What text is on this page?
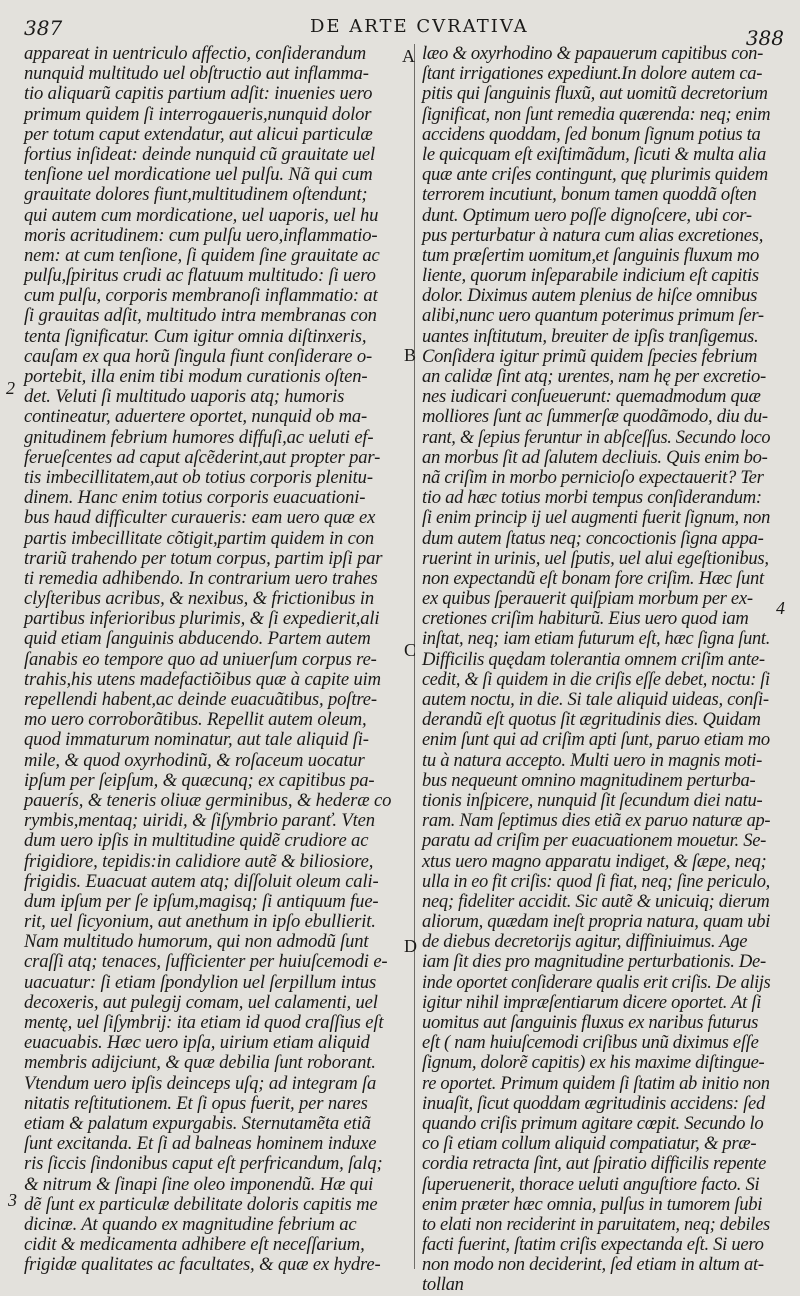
387	DE ARTE CVRATIVA	388
appareat in uentriculo affectio, conſiderandum
nunquid multitudo uel obſtructio aut inflamma-
tio aliquarũ capitis partium adſit: inuenies uero
primum quidem ſi interrogaueris,nunquid dolor
per totum caput extendatur, aut alicui particulæ
fortius inſideat: deinde nunquid cũ grauitate uel
tenſione uel mordicatione uel pulſu. Nã qui cum
grauitate dolores fiunt,multitudinem oſtendunt;
qui autem cum mordicatione, uel uaporis, uel hu
moris acritudinem: cum pulſu uero,inflammatio-
nem: at cum tenſione, ſi quidem ſine grauitate ac
pulſu,ſpiritus crudi ac flatuum multitudo: ſi uero
cum pulſu, corporis membranoſi inflammatio: at
ſi grauitas adſit, multitudo intra membranas con
tenta ſignificatur. Cum igitur omnia diſtinxeris,
cauſam ex qua horũ ſingula fiunt conſiderare o-
portebit, illa enim tibi modum curationis oſten-
det. Veluti ſi multitudo uaporis atq; humoris
contineatur, aduertere oportet, nunquid ob ma-
gnitudinem febrium humores diffuſi,ac ueluti ef-
ferueſcentes ad caput aſcẽderint,aut propter par-
tis imbecillitatem,aut ob totius corporis plenitu-
dinem. Hanc enim totius corporis euacuationi-
bus haud difficulter curaueris: eam uero quæ ex
partis imbecillitate cõtigit,partim quidem in con
trariũ trahendo per totum corpus, partim ipſi par
ti remedia adhibendo. In contrarium uero trahes
clyſteribus acribus, & nexibus, & frictionibus in
partibus inferioribus plurimis, & ſi expedierit,ali
quid etiam ſanguinis abducendo. Partem autem
ſanabis eo tempore quo ad uniuerſum corpus re-
trahis,his utens madefactiõibus quæ à capite uim
repellendi habent,ac deinde euacuãtibus, poſtre-
mo uero corroborãtibus. Repellit autem oleum,
quod immaturum nominatur, aut tale aliquid ſi-
mile, & quod oxyrhodinũ, & roſaceum uocatur
ipſum per ſeipſum, & quæcunq; ex capitibus pa-
pauerís, & teneris oliuæ germinibus, & hederæ co
rymbis,mentaq; uiridi, & ſiſymbrio paranť. Vten
dum uero ipſis in multitudine quidẽ crudiore ac
frigidiore, tepidis:in calidiore autẽ & biliosiore,
frigidis. Euacuat autem atq; diſſoluit oleum cali-
dum ipſum per ſe ipſum,magisq; ſi antiquum fue-
rit, uel ſicyonium, aut anethum in ipſo ebullierit.
Nam multitudo humorum, qui non admodũ ſunt
craſſi atq; tenaces, ſufficienter per huiuſcemodi e-
uacuatur: ſi etiam ſpondylion uel ſerpillum intus
decoxeris, aut pulegij comam, uel calamenti, uel
mentę, uel ſiſymbrij: ita etiam id quod craſſius eſt
euacuabis. Hæc uero ipſa, uirium etiam aliquid
membris adijciunt, & quæ debilia ſunt roborant.
Vtendum uero ipſis deinceps uſq; ad integram ſa
nitatis reſtitutionem. Et ſi opus fuerit, per nares
etiam & palatum expurgabis. Sternutamẽta etiã
ſunt excitanda. Et ſi ad balneas hominem induxe
ris ſiccis ſindonibus caput eſt perfricandum, ſalq;
& nitrum & ſinapi ſine oleo imponendũ. Hæ qui
dẽ ſunt ex particulæ debilitate doloris capitis me
dicinæ. At quando ex magnitudine febrium ac
cidit & medicamenta adhibere eſt neceſſarium,
frigidæ qualitates ac facultates, & quæ ex hydre-
læo & oxyrhodino & papauerum capitibus con-
ſtant irrigationes expediunt.In dolore autem ca-
pitis qui ſanguinis fluxũ, aut uomitũ decretorium
ſignificat, non ſunt remedia quærenda: neq; enim
accidens quoddam, ſed bonum ſignum potius ta
le quicquam eſt exiſtimãdum, ſicuti & multa alia
quæ ante criſes contingunt, quę plurimis quidem
terrorem incutiunt, bonum tamen quoddã oſten
dunt. Optimum uero poſſe dignoſcere, ubi cor-
pus perturbatur à natura cum alias excretiones,
tum præſertim uomitum,et ſanguinis fluxum mo
liente, quorum inſeparabile indicium eſt capitis
dolor. Diximus autem plenius de hiſce omnibus
alibi,nunc uero quantum poterimus primum ſer-
uantes inſtitutum, breuiter de ipſis tranſigemus.
Conſidera igitur primũ quidem ſpecies febrium
an calidæ ſint atq; urentes, nam hę per excretio-
nes iudicari conſueuerunt: quemadmodum quæ
molliores ſunt ac ſummerſæ quodãmodo, diu du-
rant, & ſepius feruntur in abſceſſus. Secundo loco
an morbus ſit ad ſalutem decliuis. Quis enim bo-
nã criſim in morbo pernicioſo expectauerit? Ter
tio ad hæc totius morbi tempus conſiderandum:
ſi enim princip ij uel augmenti fuerit ſignum, non
dum autem ſtatus neq; concoctionis ſigna appa-
ruerint in urinis, uel ſputis, uel alui egeſtionibus,
non expectandũ eſt bonam fore criſim. Hæc ſunt
ex quibus ſperauerit quiſpiam morbum per ex-
cretiones criſim habiturũ. Eius uero quod iam
inſtat, neq; iam etiam futurum eſt, hæc ſigna ſunt.
Difficilis quędam tolerantia omnem criſim ante-
cedit, & ſi quidem in die criſis eſſe debet, noctu: ſi
autem noctu, in die. Si tale aliquid uideas, conſi-
derandũ eſt quotus ſit ægritudinis dies. Quidam
enim ſunt qui ad criſim apti ſunt, paruo etiam mo
tu à natura accepto. Multi uero in magnis moti-
bus nequeunt omnino magnitudinem perturba-
tionis inſpicere, nunquid ſit ſecundum diei natu-
ram. Nam ſeptimus dies etiã ex paruo naturæ ap-
paratu ad criſim per euacuationem mouetur. Se-
xtus uero magno apparatu indiget, & ſæpe, neq;
ulla in eo fit criſis: quod ſi fiat, neq; ſine periculo,
neq; fideliter accidit. Sic autẽ & unicuiq; dierum
aliorum, quædam ineſt propria natura, quam ubi
de diebus decretorijs agitur, diffiniuimus. Age
iam ſit dies pro magnitudine perturbationis. De-
inde oportet conſiderare qualis erit criſis. De alijs
igitur nihil impræſentiarum dicere oportet. At ſi
uomitus aut ſanguinis fluxus ex naribus futurus
eſt ( nam huiuſcemodi criſibus unũ diximus eſſe
ſignum, dolorẽ capitis) ex his maxime diſtingue-
re oportet. Primum quidem ſi ſtatim ab initio non
inuaſit, ſicut quoddam ægritudinis accidens: ſed
quando criſis primum agitare cœpit. Secundo lo
co ſi etiam collum aliquid compatiatur, & præ-
cordia retracta ſint, aut ſpiratio difficilis repente
ſuperuenerit, thorace ueluti anguſtiore facto. Si
enim præter hæc omnia, pulſus in tumorem ſubi
to elati non reciderint in paruitatem, neq; debiles
facti fuerint, ſtatim criſis expectanda eſt. Si uero
non modo non deciderint, ſed etiam in altum at-
tollan
A
B
C
D
2
3
4
